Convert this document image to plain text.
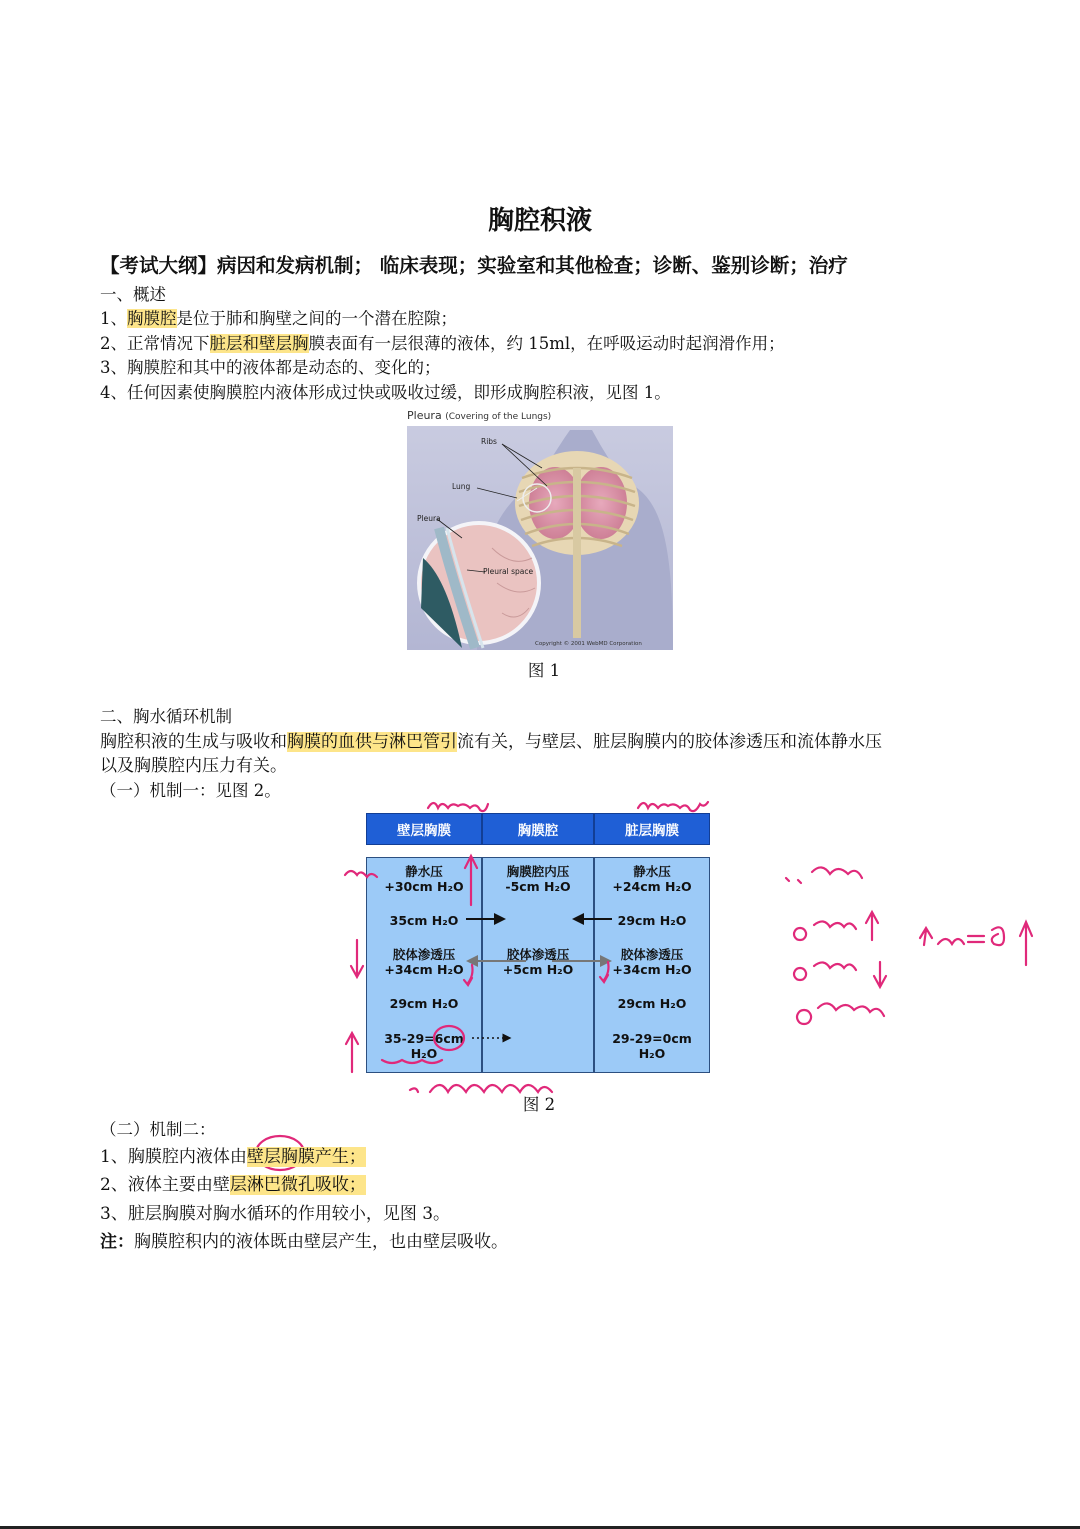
胸腔积液
【考试大纲】病因和发病机制； 临床表现；实验室和其他检查；诊断、鉴别诊断；治疗
一、概述
1、胸膜腔是位于肺和胸壁之间的一个潜在腔隙；
2、正常情况下脏层和壁层胸膜表面有一层很薄的液体，约 15ml，在呼吸运动时起润滑作用；
3、胸膜腔和其中的液体都是动态的、变化的；
4、任何因素使胸膜腔内液体形成过快或吸收过缓，即形成胸腔积液，见图 1。
Pleura (Covering of the Lungs)
Ribs
Lung
Pleura
Pleural space
Copyright © 2001 WebMD Corporation
图 1
二、胸水循环机制
胸腔积液的生成与吸收和胸膜的血供与淋巴管引流有关，与壁层、脏层胸膜内的胶体渗透压和流体静水压
以及胸膜腔内压力有关。
（一）机制一：见图 2。
壁层胸膜	胸膜腔	脏层胸膜
静水压
+30cm H₂O
35cm H₂O
胶体渗透压
+34cm H₂O
29cm H₂O
35-29=6cm
H₂O
胸膜腔内压
-5cm H₂O
胶体渗透压
+5cm H₂O
静水压
+24cm H₂O
29cm H₂O
胶体渗透压
+34cm H₂O
29cm H₂O
29-29=0cm
H₂O
图 2
（二）机制二：
1、胸膜腔内液体由壁层胸膜产生；
2、液体主要由壁层淋巴微孔吸收；
3、脏层胸膜对胸水循环的作用较小，见图 3。
注：胸膜腔积内的液体既由壁层产生，也由壁层吸收。
